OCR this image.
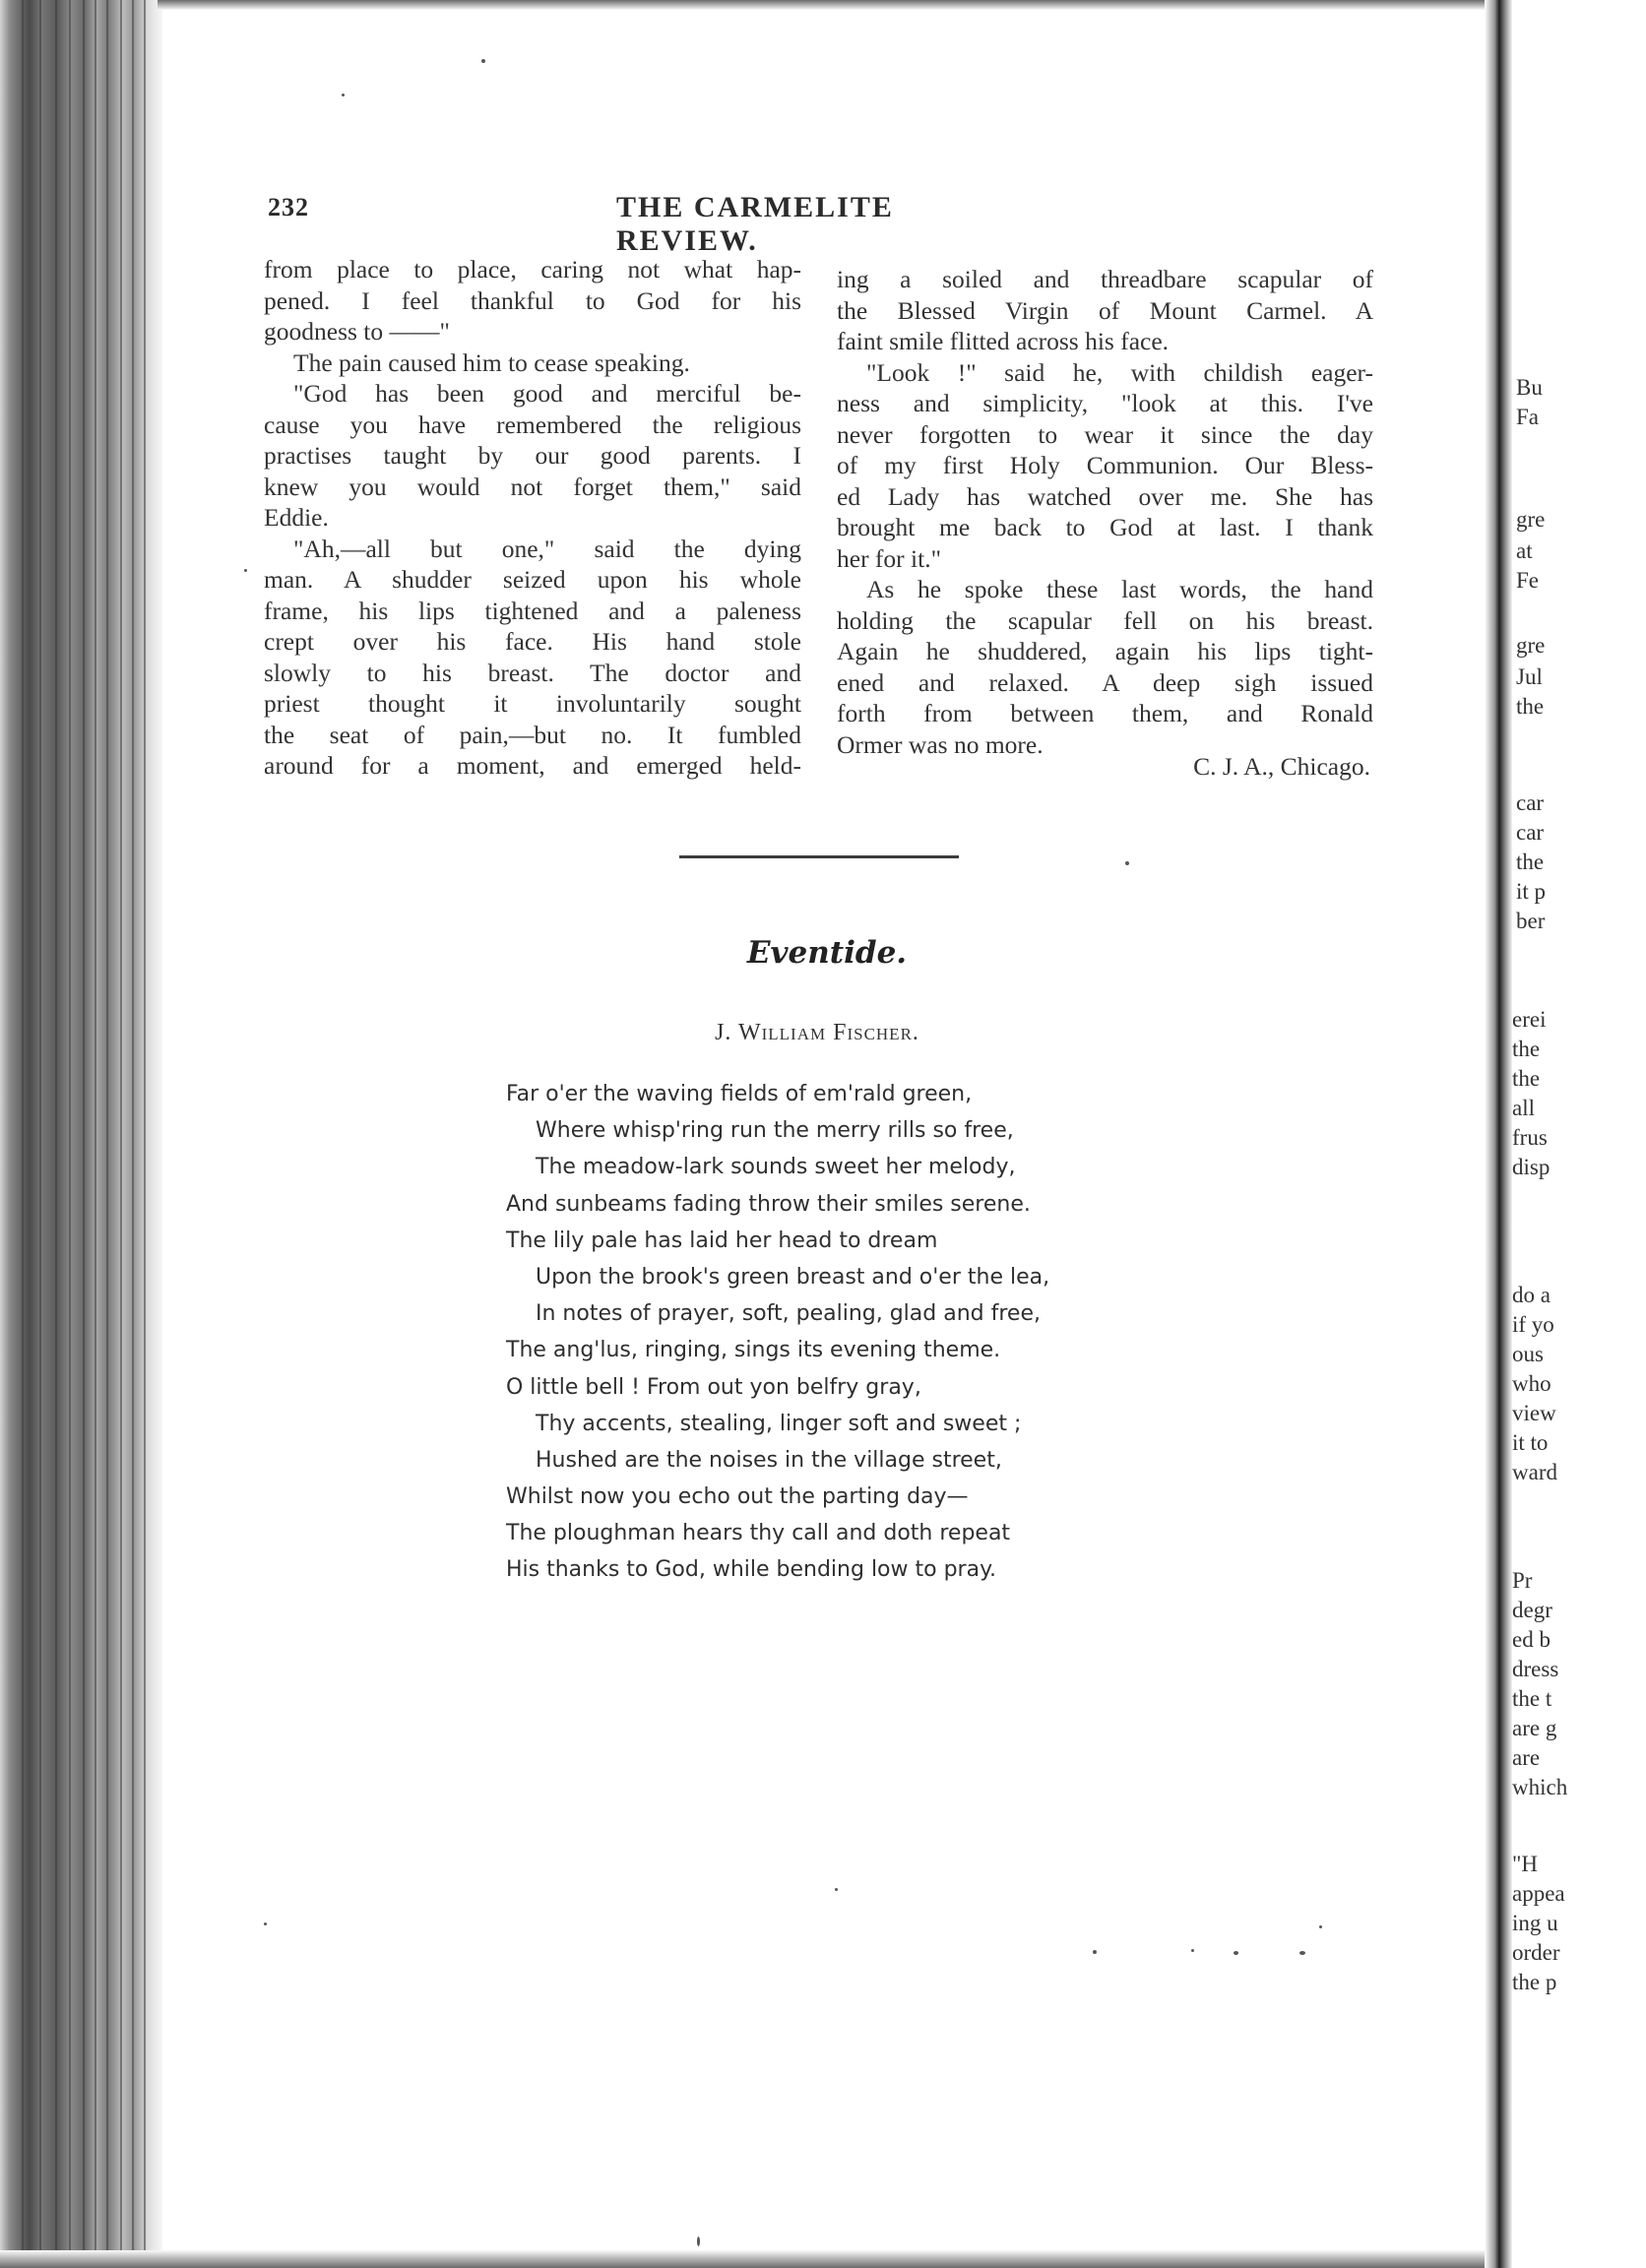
232	THE CARMELITE REVIEW.
from place to place, caring not what hap-
pened. I feel thankful to God for his
goodness to ——"
The pain caused him to cease speaking.
"God has been good and merciful be-
cause you have remembered the religious
practises taught by our good parents. I
knew you would not forget them," said
Eddie.
"Ah,—all but one," said the dying
man. A shudder seized upon his whole
frame, his lips tightened and a paleness
crept over his face. His hand stole
slowly to his breast. The doctor and
priest thought it involuntarily sought
the seat of pain,—but no. It fumbled
around for a moment, and emerged held-
ing a soiled and threadbare scapular of
the Blessed Virgin of Mount Carmel. A
faint smile flitted across his face.
"Look !" said he, with childish eager-
ness and simplicity, "look at this. I've
never forgotten to wear it since the day
of my first Holy Communion. Our Bless-
ed Lady has watched over me. She has
brought me back to God at last. I thank
her for it."
As he spoke these last words, the hand
holding the scapular fell on his breast.
Again he shuddered, again his lips tight-
ened and relaxed. A deep sigh issued
forth from between them, and Ronald
Ormer was no more.
C. J. A., Chicago.
Eventide.
J. William Fischer.
Far o'er the waving fields of em'rald green,
Where whisp'ring run the merry rills so free,
The meadow-lark sounds sweet her melody,
And sunbeams fading throw their smiles serene.
The lily pale has laid her head to dream
Upon the brook's green breast and o'er the lea,
In notes of prayer, soft, pealing, glad and free,
The ang'lus, ringing, sings its evening theme.
O little bell ! From out yon belfry gray,
Thy accents, stealing, linger soft and sweet ;
Hushed are the noises in the village street,
Whilst now you echo out the parting day—
The ploughman hears thy call and doth repeat
His thanks to God, while bending low to pray.
Bu
Fa
gre
at
Fe
gre
Jul
the
car
car
the
it p
ber
erei
the
the
all
frus
disp
do a
if yo
ous
who
view
it to
ward
Pr
degr
ed b
dress
the t
are g
are
which
"H
appea
ing u
order
the p
